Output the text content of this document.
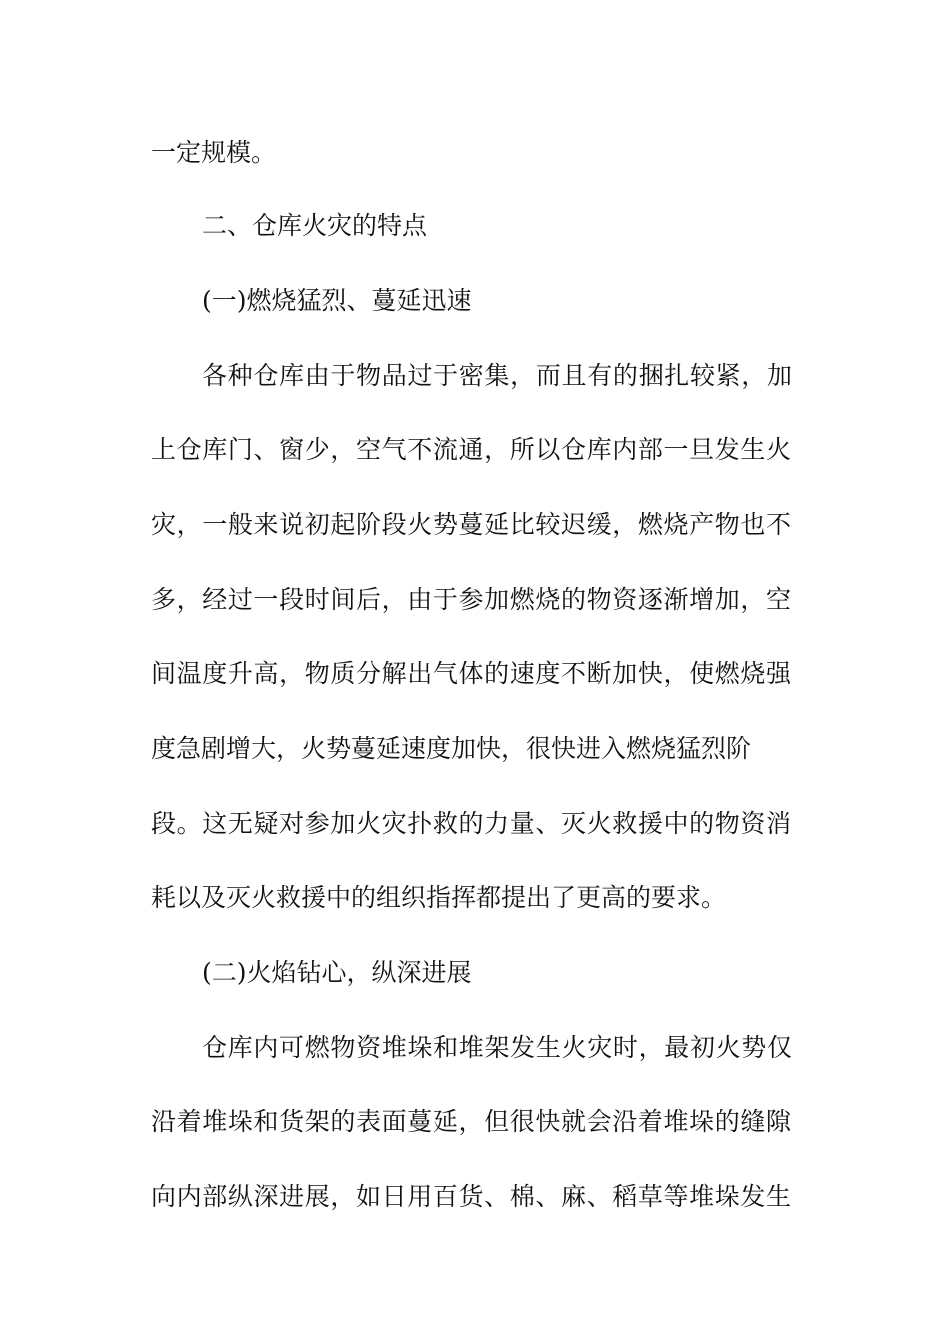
一定规模。
二、仓库火灾的特点
(一)燃烧猛烈、蔓延迅速
各种仓库由于物品过于密集，而且有的捆扎较紧，加
上仓库门、窗少，空气不流通，所以仓库内部一旦发生火
灾，一般来说初起阶段火势蔓延比较迟缓，燃烧产物也不
多，经过一段时间后，由于参加燃烧的物资逐渐增加，空
间温度升高，物质分解出气体的速度不断加快，使燃烧强
度急剧增大，火势蔓延速度加快，很快进入燃烧猛烈阶
段。这无疑对参加火灾扑救的力量、灭火救援中的物资消
耗以及灭火救援中的组织指挥都提出了更高的要求。
(二)火焰钻心，纵深进展
仓库内可燃物资堆垛和堆架发生火灾时，最初火势仅
沿着堆垛和货架的表面蔓延，但很快就会沿着堆垛的缝隙
向内部纵深进展，如日用百货、棉、麻、稻草等堆垛发生
